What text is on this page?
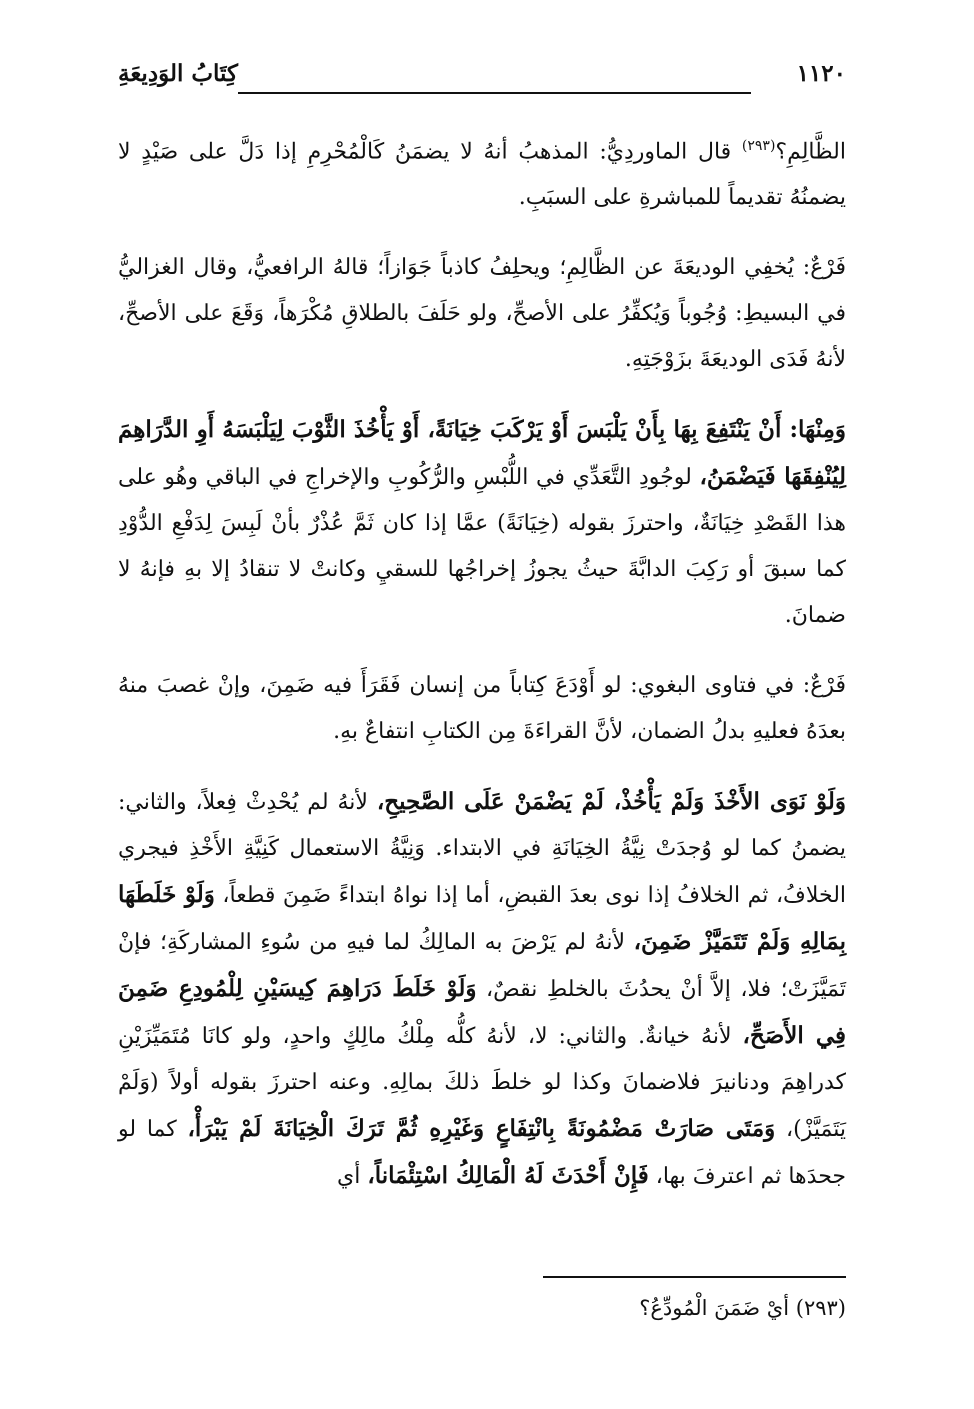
١١٢٠
كِتَابُ الوَدِيعَةِ

الظَّالِمِ؟$^{(٢٩٣)}$ قال الماوردِيُّ: المذهبُ أنهُ لا يضمَنُ كَالْمُحْرِمِ إذا دَلَّ على صَيْدٍ لا يضمنُهُ تقديماً للمباشرةِ على السبَبِ.

فَرْعٌ: يُخفِي الوديعَةَ عن الظَّالِمِ؛ ويحلِفُ كاذباً جَوَازاً؛ قالهُ الرافعيُّ، وقال الغزاليُّ في البسيطِ: وُجُوباً وَيُكفِّرُ على الأصحِّ، ولو حَلَفَ بالطلاقِ مُكْرَهاً، وَقَعَ على الأصحِّ، لأنهُ فَدَى الوديعَةَ بزَوْجَتِهِ.

وَمِنْهَا: أَنْ يَنْتَفِعَ بِهَا بِأَنْ يَلْبَسَ أَوْ يَرْكَبَ خِيَانَةً، أَوْ يَأْخُذَ الثَّوْبَ لِيَلْبَسَهُ أَوِ الدَّرَاهِمَ لِيُنْفِقَهَا فَيَضْمَنُ، لوجُودِ التَّعَدِّي في اللُّبْسِ والرُّكُوبِ والإخراجِ في الباقي وهُو على هذا القَصْدِ خِيَانَةٌ، واحترزَ بقوله (خِيَانَةً) عمَّا إذا كان ثَمَّ عُذْرٌ بأنْ لَبِسَ لِدَفْعِ الدُّوْدِ كما سبقَ أو رَكِبَ الدابَّةَ حيثُ يجوزُ إخراجُها للسقيِ وكانتْ لا تنقادُ إلا بهِ فإنهُ لا ضمانَ.

فَرْعٌ: في فتاوى البغوي: لو أَوْدَعَ كِتاباً من إنسان فَقَرَأَ فيه ضَمِنَ، وإنْ غصبَ منهُ بعدَهُ فعليهِ بدلُ الضمان، لأنَّ القراءَةَ مِن الكتابِ انتفاعٌ بهِ.

وَلَوْ نَوَى الأَخْذَ وَلَمْ يَأْخُذْ، لَمْ يَضْمَنْ عَلَى الصَّحِيحِ، لأنهُ لم يُحْدِثْ فِعلاً، والثاني: يضمنُ كما لو وُجدَتْ نِيَّةُ الخِيَانَةِ في الابتداء. وَنِيَّةُ الاستعمال كَنِيَّةِ الأَخْذِ فيجري الخلافُ، ثم الخلافُ إذا نوى بعدَ القبضِ، أما إذا نواهُ ابتداءً ضَمِنَ قطعاً، وَلَوْ خَلَطَهَا بِمَالِهِ وَلَمْ تَتَمَيَّزْ ضَمِنَ، لأنهُ لم يَرْضَ به المالِكُ لما فيهِ من سُوءِ المشاركَةِ؛ فإنْ تَمَيَّزَتْ؛ فلا، إلاَّ أنْ يحدُثَ بالخلطِ نقصٌ، وَلَوْ خَلَطَ دَرَاهِمَ كِيسَيْنِ لِلْمُودِعِ ضَمِنَ فِي الأَصَحِّ، لأنهُ خيانةٌ. والثاني: لا، لأنهُ كلُّه مِلْكُ مالِكٍ واحدٍ، ولو كانَا مُتَمَيِّزَيْنِ كدراهِمَ ودنانيرَ فلاضمانَ وكذا لو خلطَ ذلكَ بمالِهِ. وعنه احترزَ بقوله أولاً (وَلَمْ يَتَمَيَّزْ)، وَمَتَى صَارَتْ مَضْمُونَةً بِانْتِفَاعٍ وَغَيْرِهِ ثُمَّ تَرَكَ الْخِيَانَةَ لَمْ يَبْرَأْ، كما لو جحدَها ثم اعترفَ بها، فَإِنْ أَحْدَثَ لَهُ الْمَالِكُ اسْتِئْمَاناً، أي

(٢٩٣) أيْ ضَمَنَ الْمُودِّعُ؟
